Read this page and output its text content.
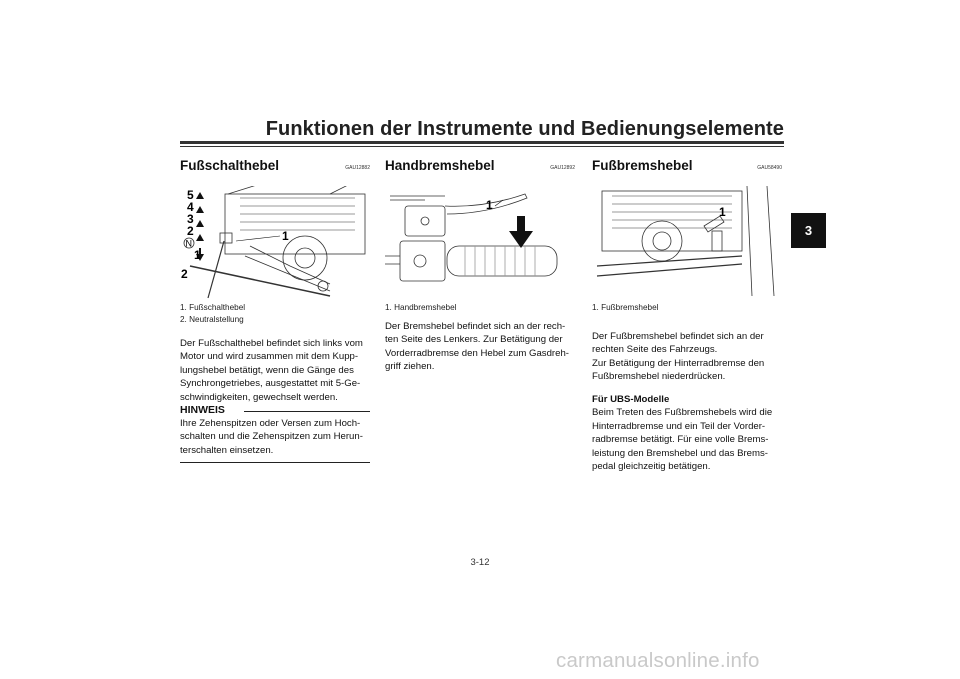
Funktionen der Instrumente und Bedienungselemente
3
GAU12882
Fußschalthebel
5
4
3
2
N
1
2
1
1. Fußschalthebel
2. Neutralstellung
Der Fußschalthebel befindet sich links vom
Motor und wird zusammen mit dem Kupp-
lungshebel betätigt, wenn die Gänge des
Synchrongetriebes, ausgestattet mit 5-Ge-
schwindigkeiten, gewechselt werden.
HINWEIS
Ihre Zehenspitzen oder Versen zum Hoch-
schalten und die Zehenspitzen zum Herun-
terschalten einsetzen.
GAU12892
Handbremshebel
1
1. Handbremshebel
Der Bremshebel befindet sich an der rech-
ten Seite des Lenkers. Zur Betätigung der
Vorderradbremse den Hebel zum Gasdreh-
griff ziehen.
GAU58490
Fußbremshebel
1
1. Fußbremshebel
Der Fußbremshebel befindet sich an der
rechten Seite des Fahrzeugs.
Zur Betätigung der Hinterradbremse den
Fußbremshebel niederdrücken.
Für UBS-Modelle
Beim Treten des Fußbremshebels wird die
Hinterradbremse und ein Teil der Vorder-
radbremse betätigt. Für eine volle Brems-
leistung den Bremshebel und das Brems-
pedal gleichzeitig betätigen.
3-12
carmanualsonline.info
